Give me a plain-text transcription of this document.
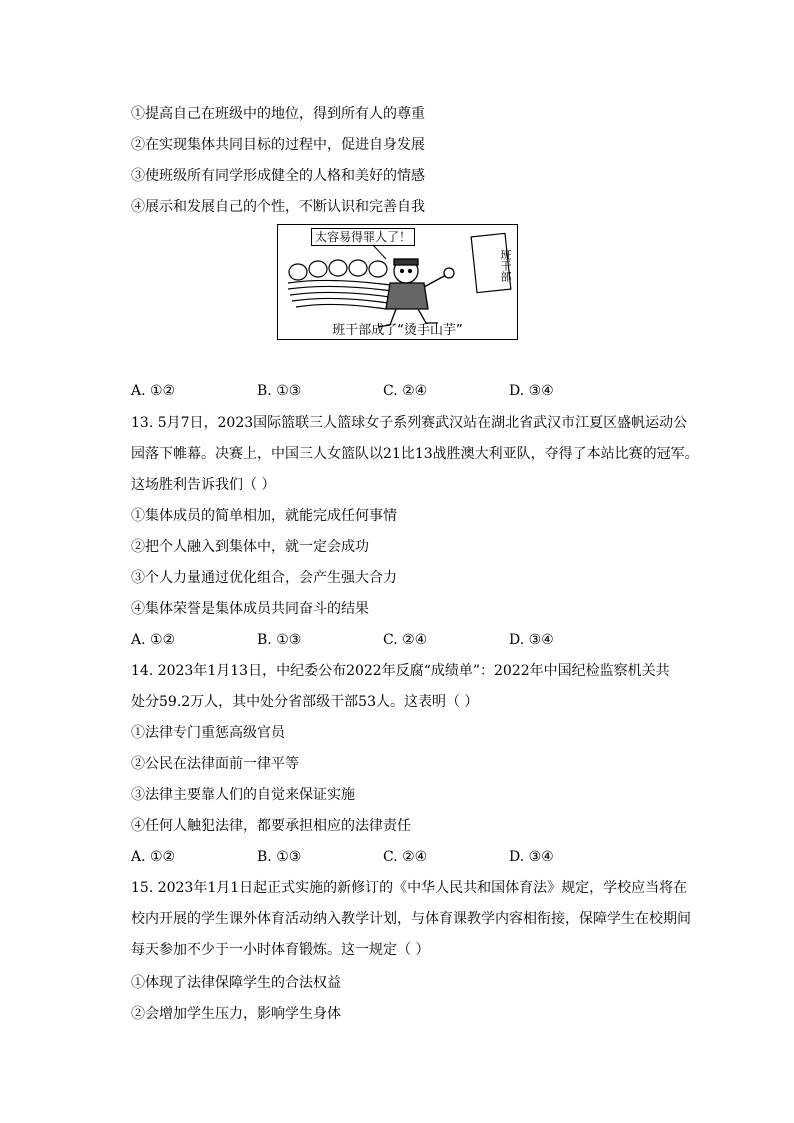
①提高自己在班级中的地位，得到所有人的尊重
②在实现集体共同目标的过程中，促进自身发展
③使班级所有同学形成健全的人格和美好的情感
④展示和发展自己的个性，不断认识和完善自我
太容易得罪人了！
班干部
班干部成了“烫手山芋”
A. ①②	B. ①③	C. ②④	D. ③④
13. 5月7日，2023国际篮联三人篮球女子系列赛武汉站在湖北省武汉市江夏区盛帆运动公
园落下帷幕。决赛上，中国三人女篮队以21比13战胜澳大利亚队，夺得了本站比赛的冠军。
这场胜利告诉我们（ ）
①集体成员的简单相加，就能完成任何事情
②把个人融入到集体中，就一定会成功
③个人力量通过优化组合，会产生强大合力
④集体荣誉是集体成员共同奋斗的结果
A. ①②	B. ①③	C. ②④	D. ③④
14. 2023年1月13日，中纪委公布2022年反腐“成绩单”：2022年中国纪检监察机关共
处分59.2万人，其中处分省部级干部53人。这表明（ ）
①法律专门重惩高级官员
②公民在法律面前一律平等
③法律主要靠人们的自觉来保证实施
④任何人触犯法律，都要承担相应的法律责任
A. ①②	B. ①③	C. ②④	D. ③④
15. 2023年1月1日起正式实施的新修订的《中华人民共和国体育法》规定，学校应当将在
校内开展的学生课外体育活动纳入教学计划，与体育课教学内容相衔接，保障学生在校期间
每天参加不少于一小时体育锻炼。这一规定（ ）
①体现了法律保障学生的合法权益
②会增加学生压力，影响学生身体
